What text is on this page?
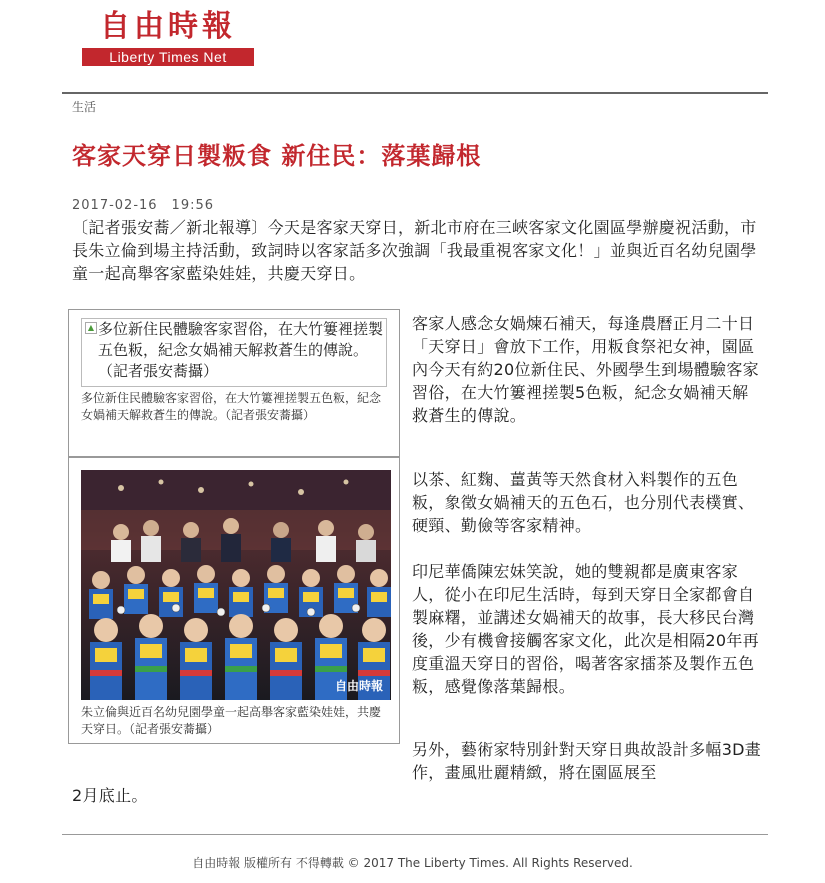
自由時報
Liberty Times Net
生活
客家天穿日製粄食 新住民：落葉歸根
2017-02-16　19:56
〔記者張安蕎／新北報導〕今天是客家天穿日，新北市府在三峽客家文化園區學辦慶祝活動，市長朱立倫到場主持活動，致詞時以客家話多次強調「我最重視客家文化！」並與近百名幼兒園學童一起高舉客家藍染娃娃，共慶天穿日。
▲ 多位新住民體驗客家習俗，在大竹簍裡搓製五色粄，紀念女媧補天解救蒼生的傳說。（記者張安蕎攝）
多位新住民體驗客家習俗，在大竹簍裡搓製五色粄，紀念女媧補天解救蒼生的傳說。（記者張安蕎攝）
自由時報
朱立倫與近百名幼兒園學童一起高舉客家藍染娃娃，共慶天穿日。（記者張安蕎攝）
客家人感念女媧煉石補天，每逢農曆正月二十日「天穿日」會放下工作，用粄食祭祀女神，園區內今天有約20位新住民、外國學生到場體驗客家習俗，在大竹簍裡搓製5色粄，紀念女媧補天解救蒼生的傳說。
以茶、紅麴、薑黃等天然食材入料製作的五色粄，象徵女媧補天的五色石，也分別代表樸實、硬頸、勤儉等客家精神。
印尼華僑陳宏妹笑說，她的雙親都是廣東客家人，從小在印尼生活時，每到天穿日全家都會自製麻糬，並講述女媧補天的故事，長大移民台灣後，少有機會接觸客家文化，此次是相隔20年再度重溫天穿日的習俗，喝著客家擂茶及製作五色粄，感覺像落葉歸根。
另外，藝術家特別針對天穿日典故設計多幅3D畫作，畫風壯麗精緻，將在園區展至
2月底止。
自由時報 版權所有 不得轉載 © 2017 The Liberty Times. All Rights Reserved.
